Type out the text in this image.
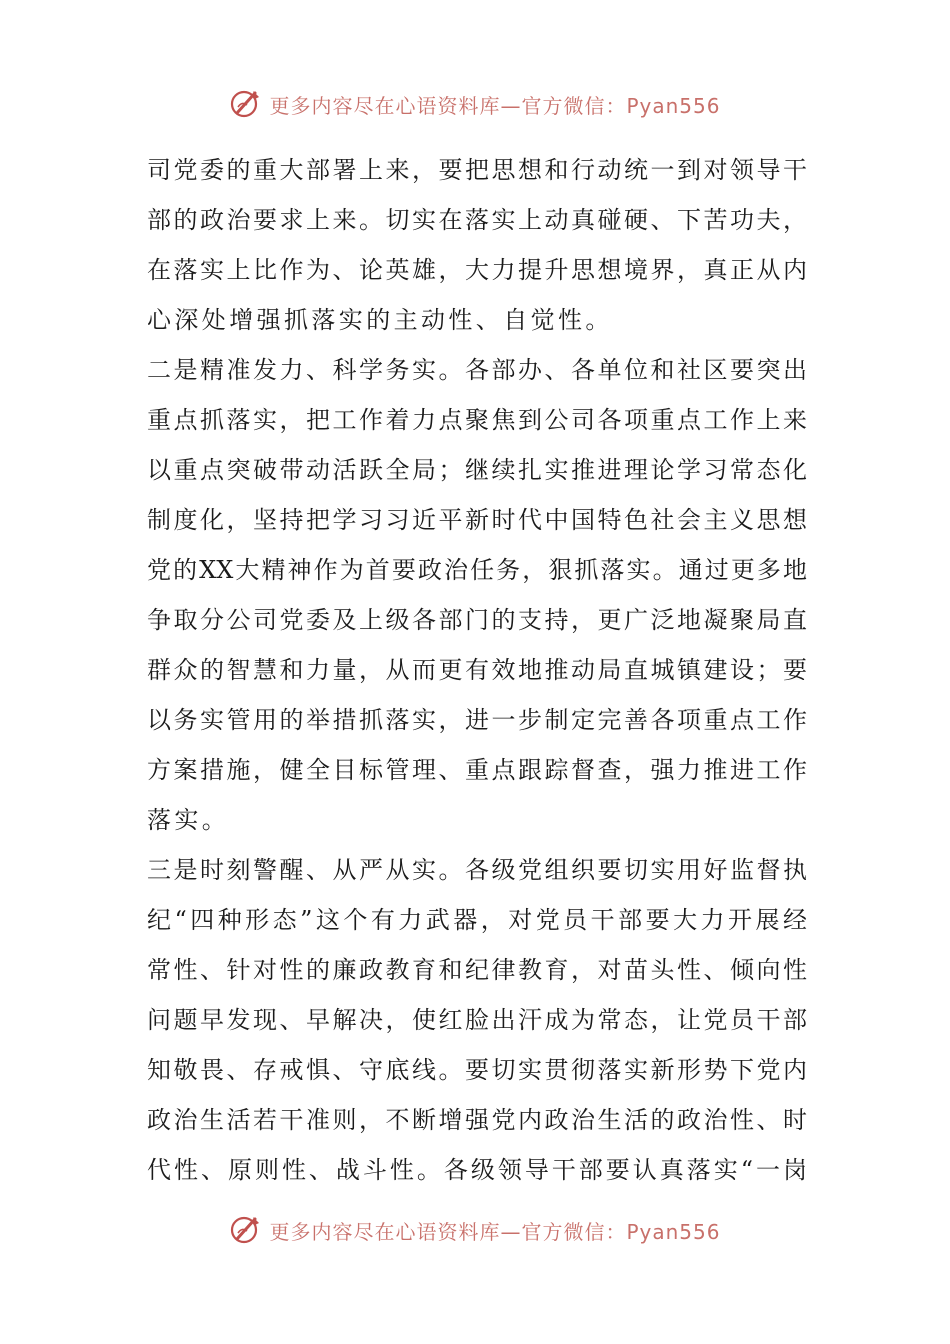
更多内容尽在心语资料库—官方微信：Pyan556
司党委的重大部署上来，要把思想和行动统一到对领导干
部的政治要求上来。切实在落实上动真碰硬、下苦功夫，
在落实上比作为、论英雄，大力提升思想境界，真正从内
心深处增强抓落实的主动性、自觉性。
二是精准发力、科学务实。各部办、各单位和社区要突出
重点抓落实，把工作着力点聚焦到公司各项重点工作上来
以重点突破带动活跃全局；继续扎实推进理论学习常态化
制度化，坚持把学习习近平新时代中国特色社会主义思想
党的XX大精神作为首要政治任务，狠抓落实。通过更多地
争取分公司党委及上级各部门的支持，更广泛地凝聚局直
群众的智慧和力量，从而更有效地推动局直城镇建设；要
以务实管用的举措抓落实，进一步制定完善各项重点工作
方案措施，健全目标管理、重点跟踪督查，强力推进工作
落实。
三是时刻警醒、从严从实。各级党组织要切实用好监督执
纪“四种形态”这个有力武器，对党员干部要大力开展经
常性、针对性的廉政教育和纪律教育，对苗头性、倾向性
问题早发现、早解决，使红脸出汗成为常态，让党员干部
知敬畏、存戒惧、守底线。要切实贯彻落实新形势下党内
政治生活若干准则，不断增强党内政治生活的政治性、时
代性、原则性、战斗性。各级领导干部要认真落实“一岗
更多内容尽在心语资料库—官方微信：Pyan556
